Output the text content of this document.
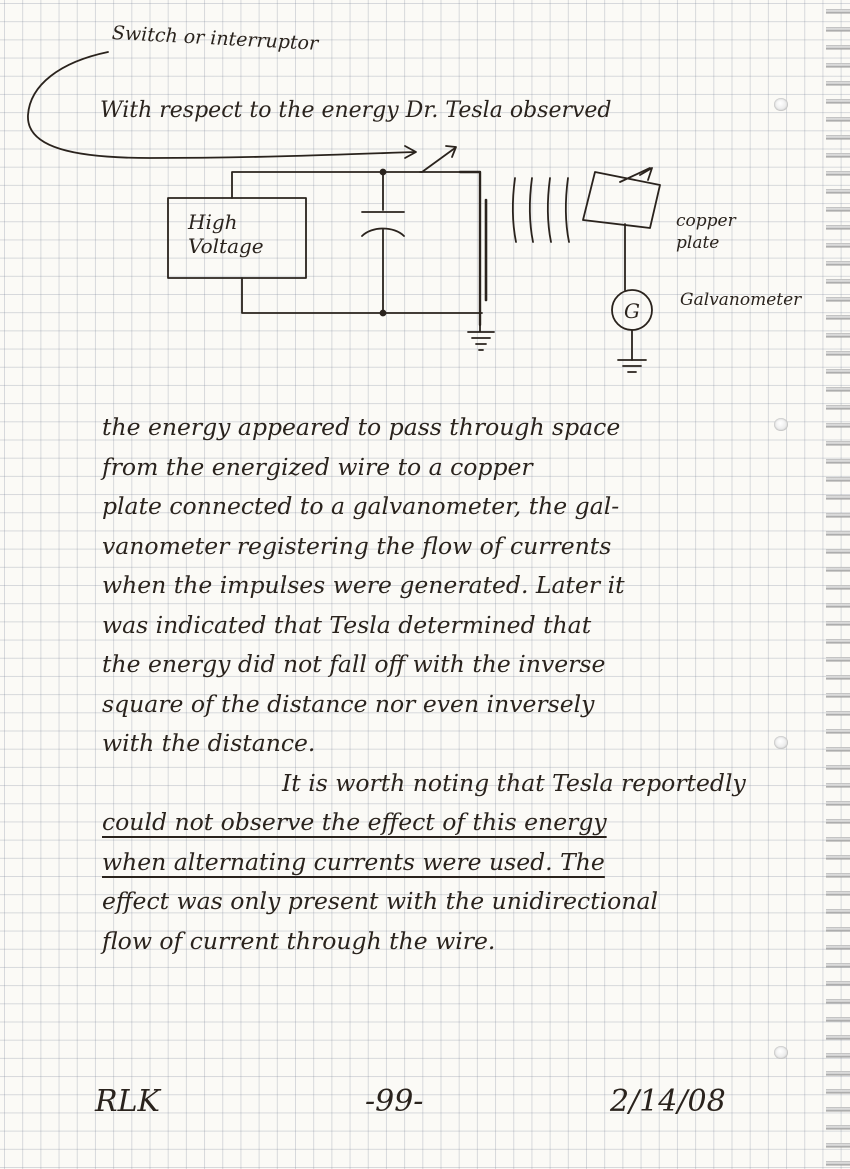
G
Switch or interruptor
With respect to the energy Dr. Tesla observed
High Voltage
copper plate
Galvanometer

the energy appeared to pass through space
from the energized wire to a copper
plate connected to a galvanometer, the gal-
vanometer registering the flow of currents
when the impulses were generated. Later it
was indicated that Tesla determined that
the energy did not fall off with the inverse
square of the distance nor even inversely
with the distance.

It is worth noting that Tesla reportedly
could not observe the effect of this energy
when alternating currents were used. The
effect was only present with the unidirectional
flow of current through the wire.

RLK	-99-	2/14/08
